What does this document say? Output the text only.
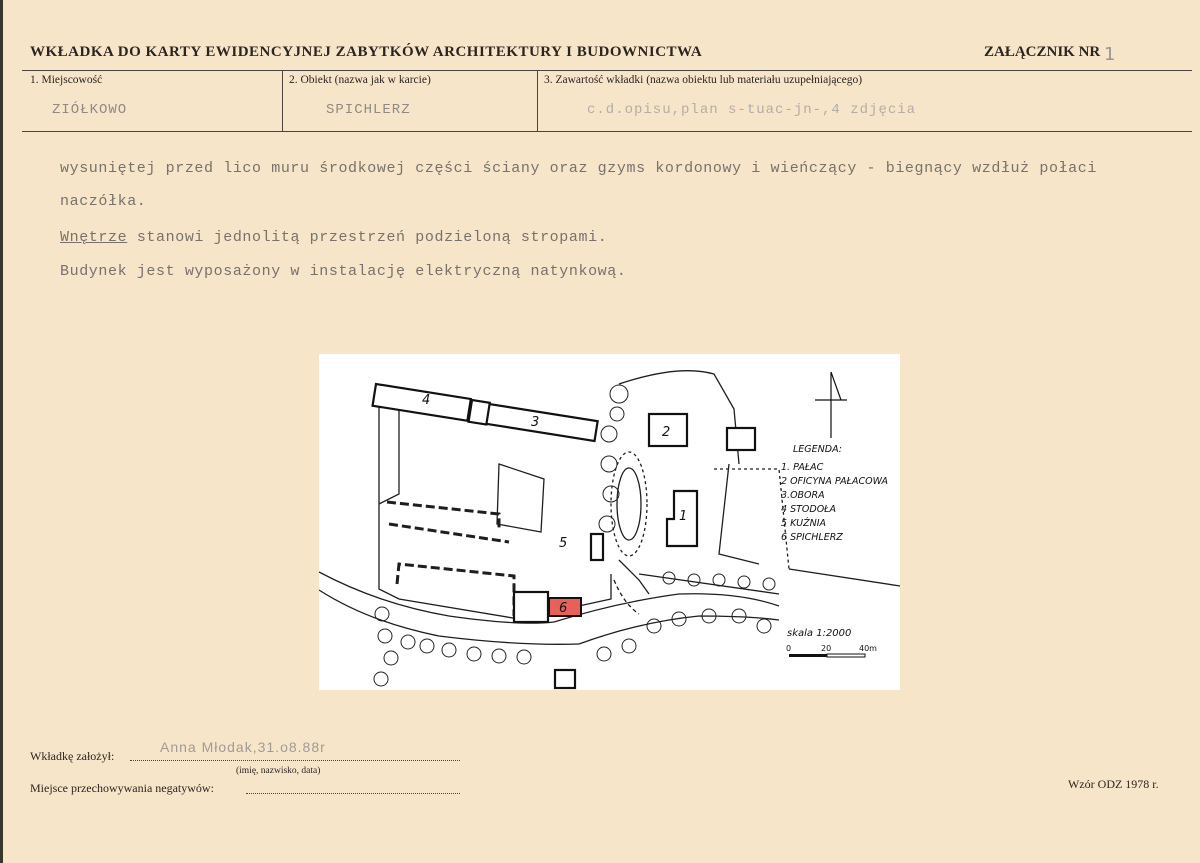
WKŁADKA DO KARTY EWIDENCYJNEJ ZABYTKÓW ARCHITEKTURY I BUDOWNICTWA	ZAŁĄCZNIK NR 1
1. Miejscowość
ZIÓŁKOWO
2. Obiekt (nazwa jak w karcie)
SPICHLERZ
3. Zawartość wkładki (nazwa obiektu lub materiału uzupełniającego)
c.d.opisu,plan s-tuac-jn-,4 zdjęcia
wysuniętej przed lico muru środkowej części ściany oraz gzyms kordonowy i wieńczący - biegnący wzdłuż połaci
naczółka.
Wnętrze stanowi jednolitą przestrzeń podzieloną stropami.
Budynek jest wyposażony w instalację elektryczną natynkową.
4
3
2
1
5
6
LEGENDA:
1. PAŁAC
2 OFICYNA PAŁACOWA
3.OBORA
4 STODOŁA
5 KUŹNIA
6 SPICHLERZ
skala 1:2000
0	20	40m
Wkładkę założył:
Anna Młodak,31.o8.88r
(imię, nazwisko, data)
Miejsce przechowywania negatywów:	Wzór ODZ 1978 r.
